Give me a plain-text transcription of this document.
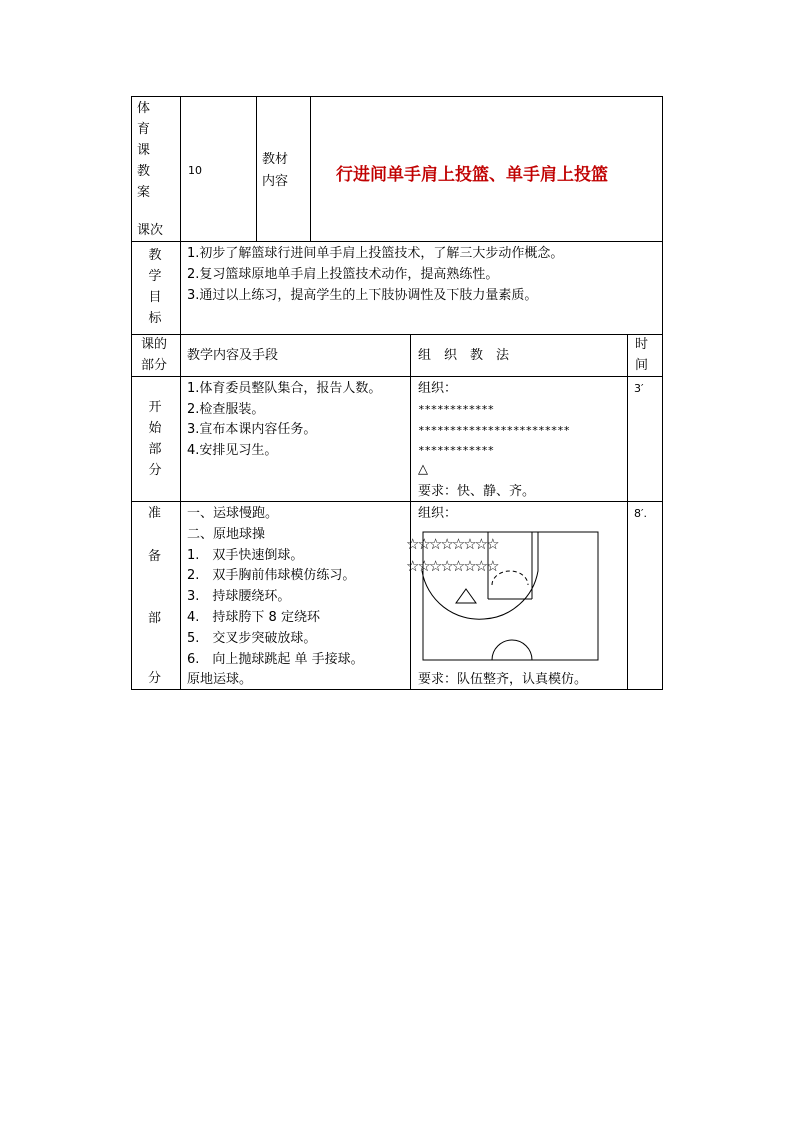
体
育
课
教
案
课次
10
教材
内容	行进间单手肩上投篮、单手肩上投篮
教
学
目
标
1.初步了解篮球行进间单手肩上投篮技术，了解三大步动作概念。
2.复习篮球原地单手肩上投篮技术动作，提高熟练性。
3.通过以上练习，提高学生的上下肢协调性及下肢力量素质。
课的
部分
教学内容及手段	组　织　教　法
时
间
开
始
部
分
1.体育委员整队集合，报告人数。
2.检查服装。
3.宣布本课内容任务。
4.安排见习生。
组织：
************
************************
************
△
要求：快、静、齐。
3′
准
备
部
分
一、运球慢跑。
二、原地球操
1.　双手快速倒球。
2.　双手胸前伟球模仿练习。
3.　持球腰绕环。
4.　持球胯下 8 定绕环
5.　交叉步突破放球。
6.　向上抛球跳起 单 手接球。
原地运球。
组织：
☆☆☆☆☆☆☆☆
☆☆☆☆☆☆☆☆
要求：队伍整齐，认真模仿。
8′.
